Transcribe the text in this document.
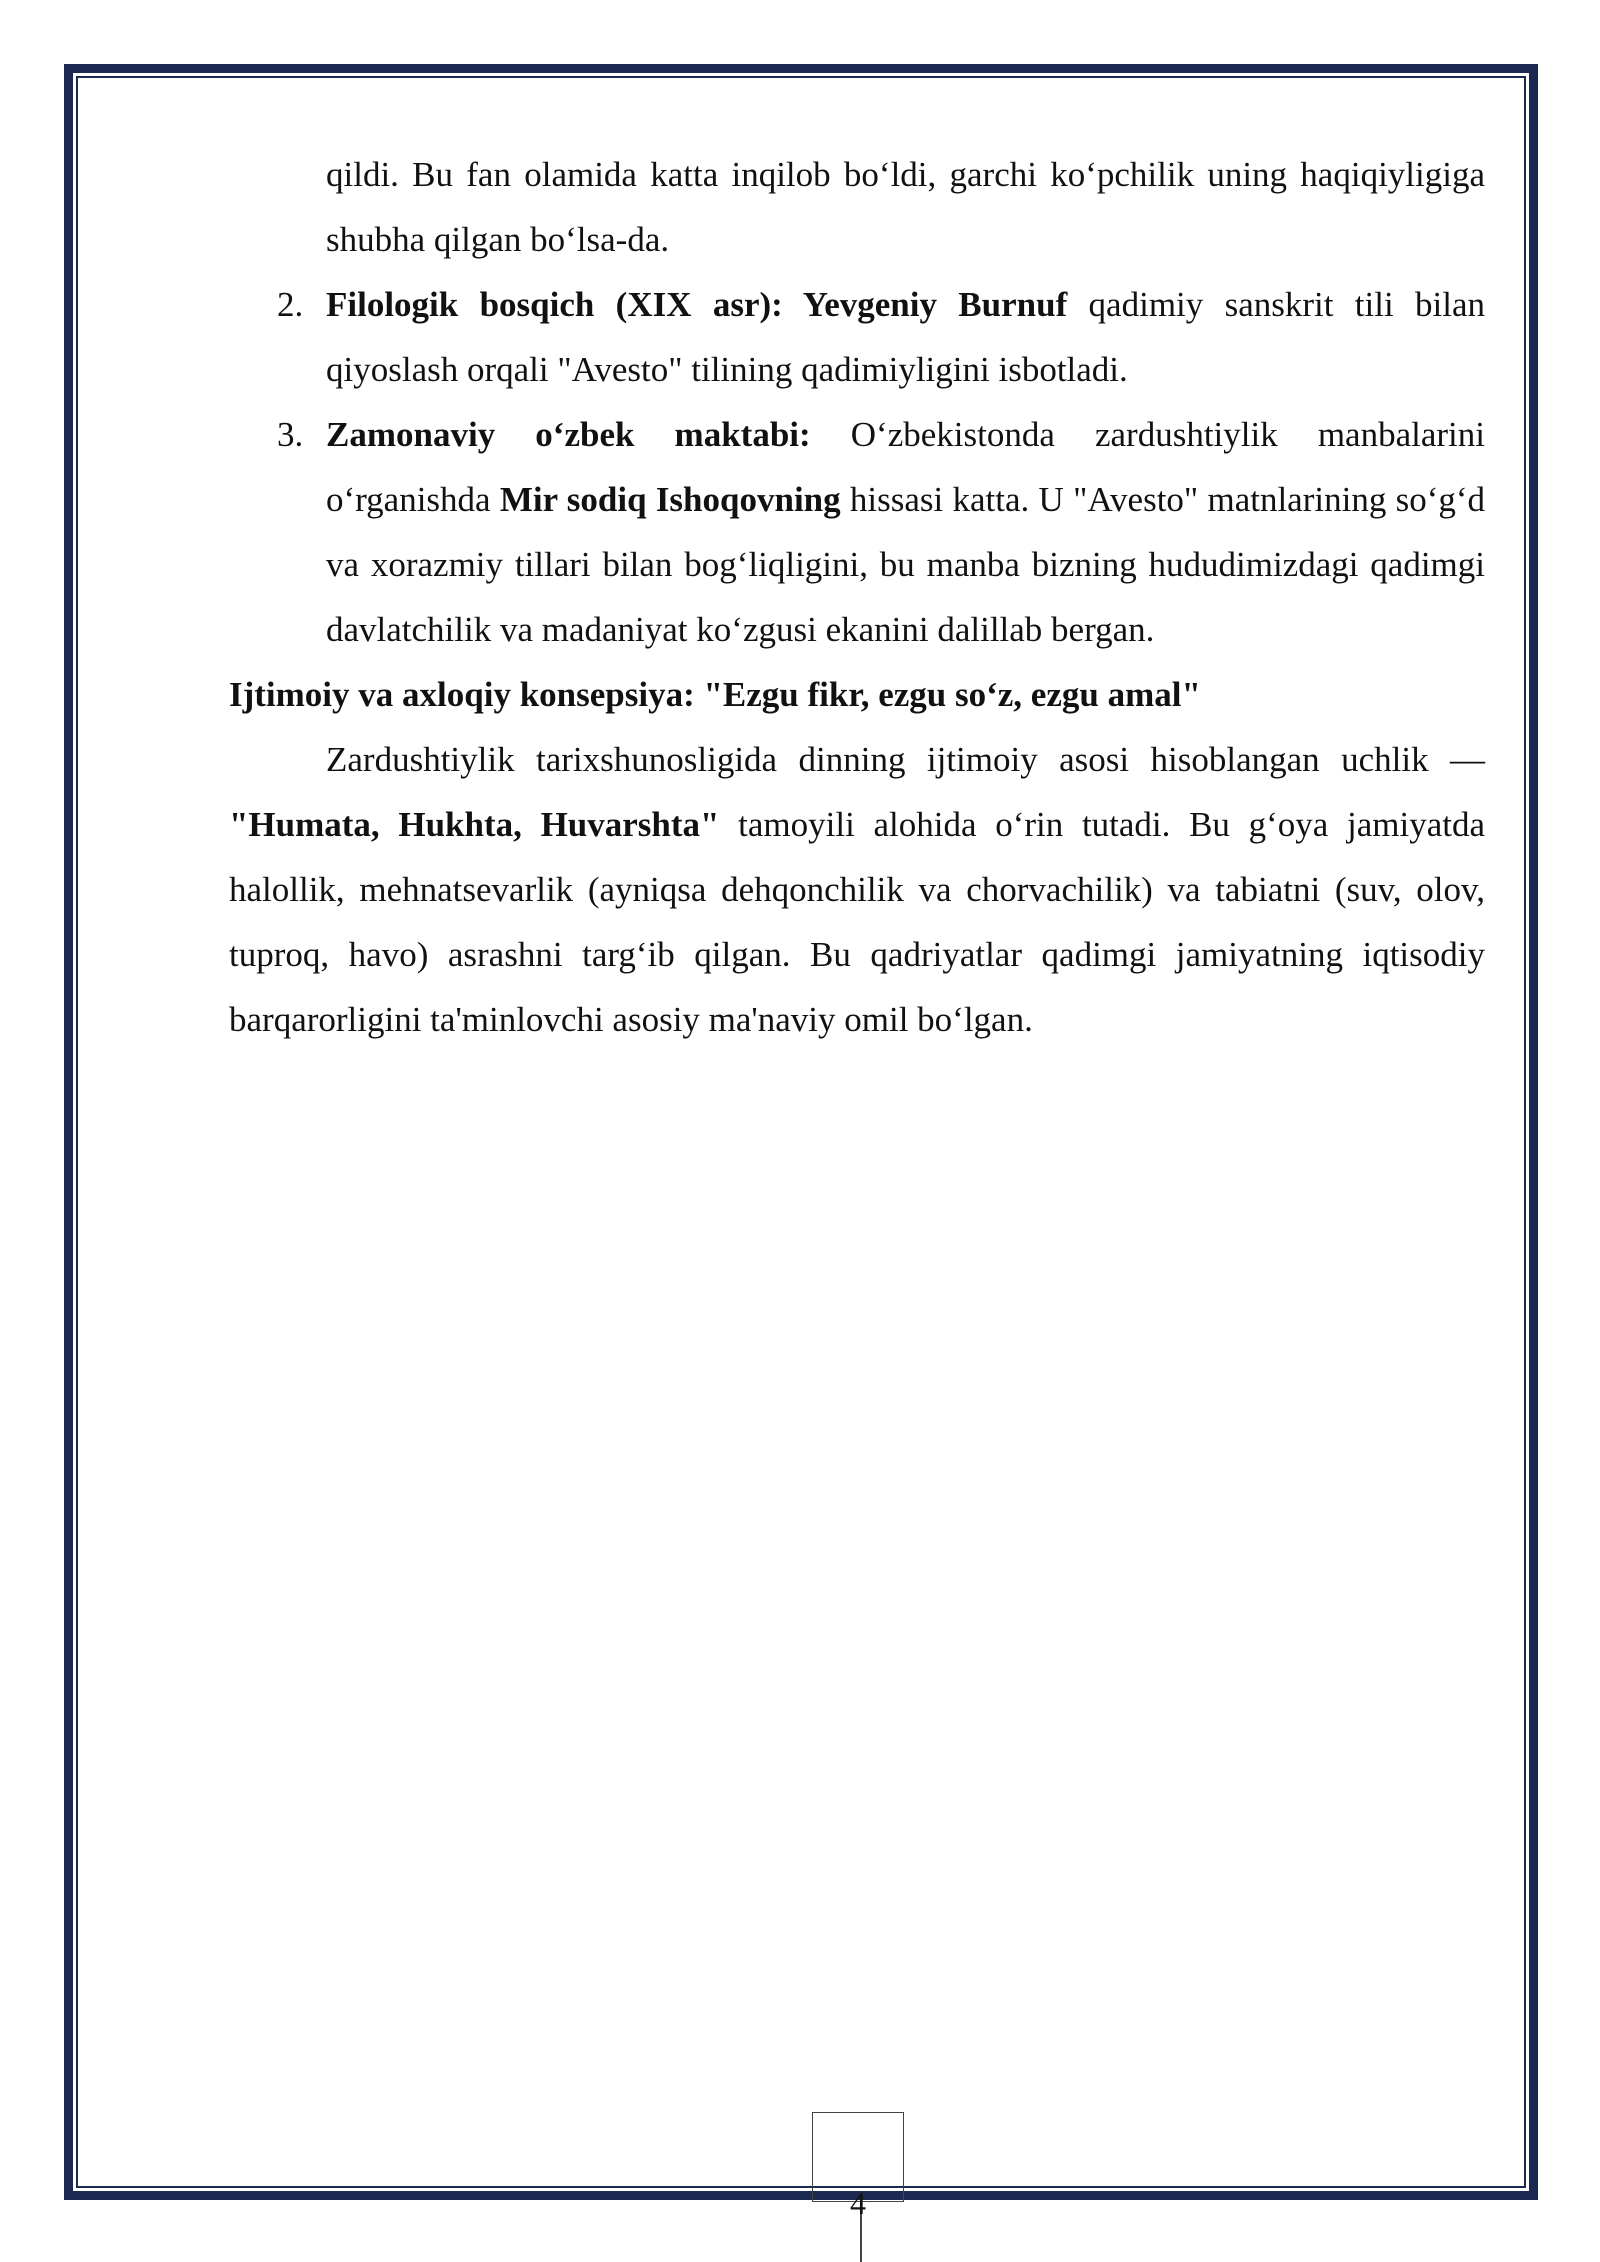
qildi. Bu fan olamida katta inqilob bo‘ldi, garchi ko‘pchilik uning haqiqiyligiga shubha qilgan bo‘lsa-da.

2. Filologik bosqich (XIX asr): Yevgeniy Burnuf qadimiy sanskrit tili bilan qiyoslash orqali "Avesto" tilining qadimiyligini isbotladi.
3. Zamonaviy o‘zbek maktabi: O‘zbekistonda zardushtiylik manbalarini o‘rganishda Mir sodiq Ishoqovning hissasi katta. U "Avesto" matnlarining so‘g‘d va xorazmiy tillari bilan bog‘liqligini, bu manba bizning hududimizdagi qadimgi davlatchilik va madaniyat ko‘zgusi ekanini dalillab bergan.

Ijtimoiy va axloqiy konsepsiya: "Ezgu fikr, ezgu so‘z, ezgu amal"

Zardushtiylik tarixshunosligida dinning ijtimoiy asosi hisoblangan uchlik — "Humata, Hukhta, Huvarshta" tamoyili alohida o‘rin tutadi. Bu g‘oya jamiyatda halollik, mehnatsevarlik (ayniqsa dehqonchilik va chorvachilik) va tabiatni (suv, olov, tuproq, havo) asrashni targ‘ib qilgan. Bu qadriyatlar qadimgi jamiyatning iqtisodiy barqarorligini ta'minlovchi asosiy ma'naviy omil bo‘lgan.

4
